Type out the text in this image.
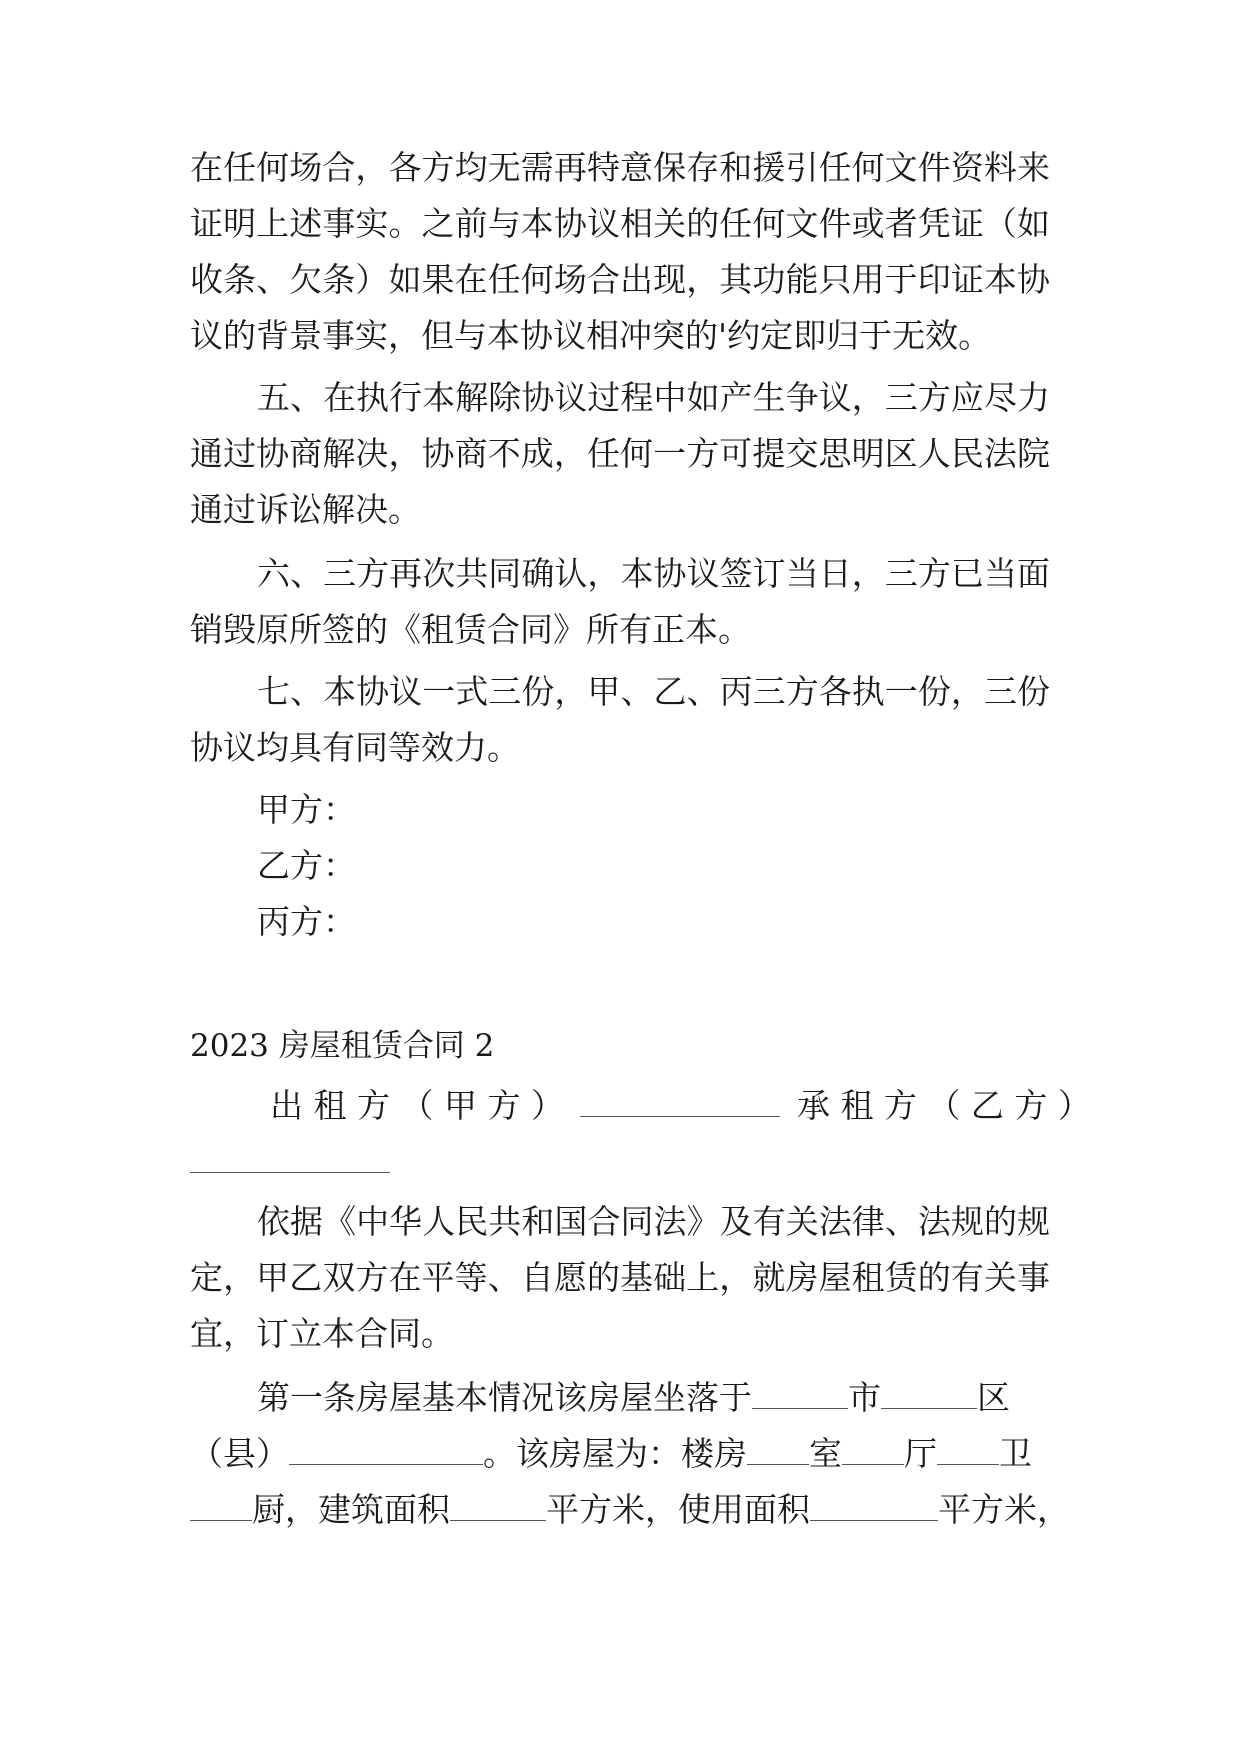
在任何场合，各方均无需再特意保存和援引任何文件资料来
证明上述事实。之前与本协议相关的任何文件或者凭证（如
收条、欠条）如果在任何场合出现，其功能只用于印证本协
议的背景事实，但与本协议相冲突的'约定即归于无效。
五、在执行本解除协议过程中如产生争议，三方应尽力
通过协商解决，协商不成，任何一方可提交思明区人民法院
通过诉讼解决。
六、三方再次共同确认，本协议签订当日，三方已当面
销毁原所签的《租赁合同》所有正本。
七、本协议一式三份，甲、乙、丙三方各执一份，三份
协议均具有同等效力。
甲方：
乙方：
丙方：
2023 房屋租赁合同 2
出 租 方 （ 甲 方 ）	承 租 方 （ 乙 方 ）
依据《中华人民共和国合同法》及有关法律、法规的规
定，甲乙双方在平等、自愿的基础上，就房屋租赁的有关事
宜，订立本合同。
第一条房屋基本情况该房屋坐落于	市	区
（县）	。该房屋为：楼房 室 厅 卫
厨，建筑面积	平方米，使用面积	平方米，
